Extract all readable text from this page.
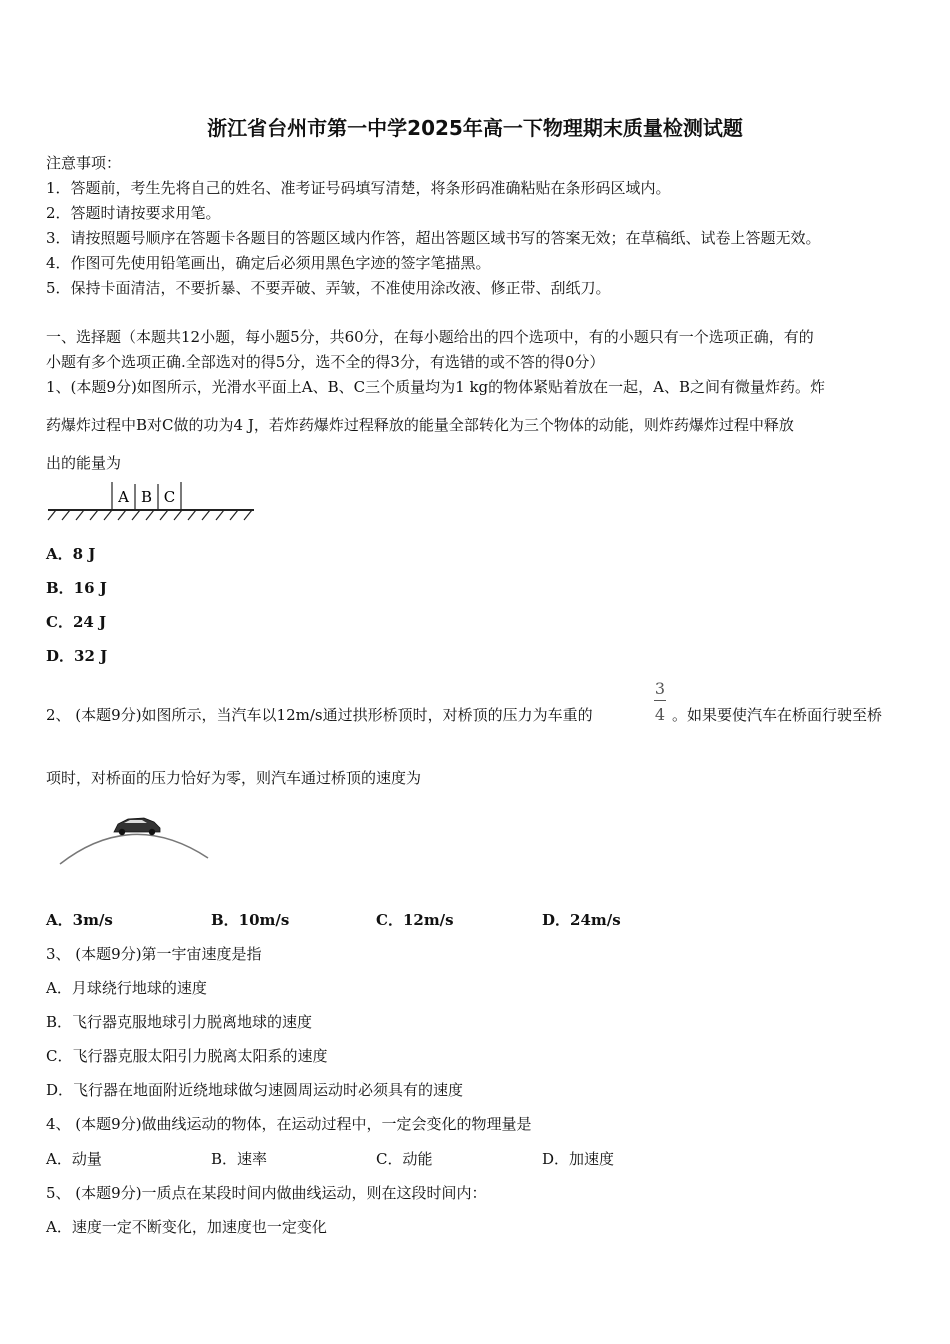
浙江省台州市第一中学2025年高一下物理期末质量检测试题
注意事项：
1．答题前，考生先将自己的姓名、准考证号码填写清楚，将条形码准确粘贴在条形码区域内。
2．答题时请按要求用笔。
3．请按照题号顺序在答题卡各题目的答题区域内作答，超出答题区域书写的答案无效；在草稿纸、试卷上答题无效。
4．作图可先使用铅笔画出，确定后必须用黑色字迹的签字笔描黑。
5．保持卡面清洁，不要折暴、不要弄破、弄皱，不准使用涂改液、修正带、刮纸刀。
一、选择题（本题共12小题，每小题5分，共60分，在每小题给出的四个选项中，有的小题只有一个选项正确，有的
小题有多个选项正确.全部选对的得5分，选不全的得3分，有选错的或不答的得0分）
1、(本题9分)如图所示，光滑水平面上A、B、C三个质量均为1 kg的物体紧贴着放在一起，A、B之间有微量炸药。炸
药爆炸过程中B对C做的功为4 J，若炸药爆炸过程释放的能量全部转化为三个物体的动能，则炸药爆炸过程中释放
出的能量为
A B C
A．8 J
B．16 J
C．24 J
D．32 J
2、 (本题9分)如图所示，当汽车以12m/s通过拱形桥顶时，对桥顶的压力为车重的
3
4 。如果要使汽车在桥面行驶至桥
项时，对桥面的压力恰好为零，则汽车通过桥顶的速度为
A．3m/s	B．10m/s	C．12m/s	D．24m/s
3、 (本题9分)第一宇宙速度是指
A．月球绕行地球的速度
B．飞行器克服地球引力脱离地球的速度
C．飞行器克服太阳引力脱离太阳系的速度
D．飞行器在地面附近绕地球做匀速圆周运动时必须具有的速度
4、 (本题9分)做曲线运动的物体，在运动过程中，一定会变化的物理量是
A．动量	B．速率	C．动能	D．加速度
5、 (本题9分)一质点在某段时间内做曲线运动，则在这段时间内：
A．速度一定不断变化，加速度也一定变化
